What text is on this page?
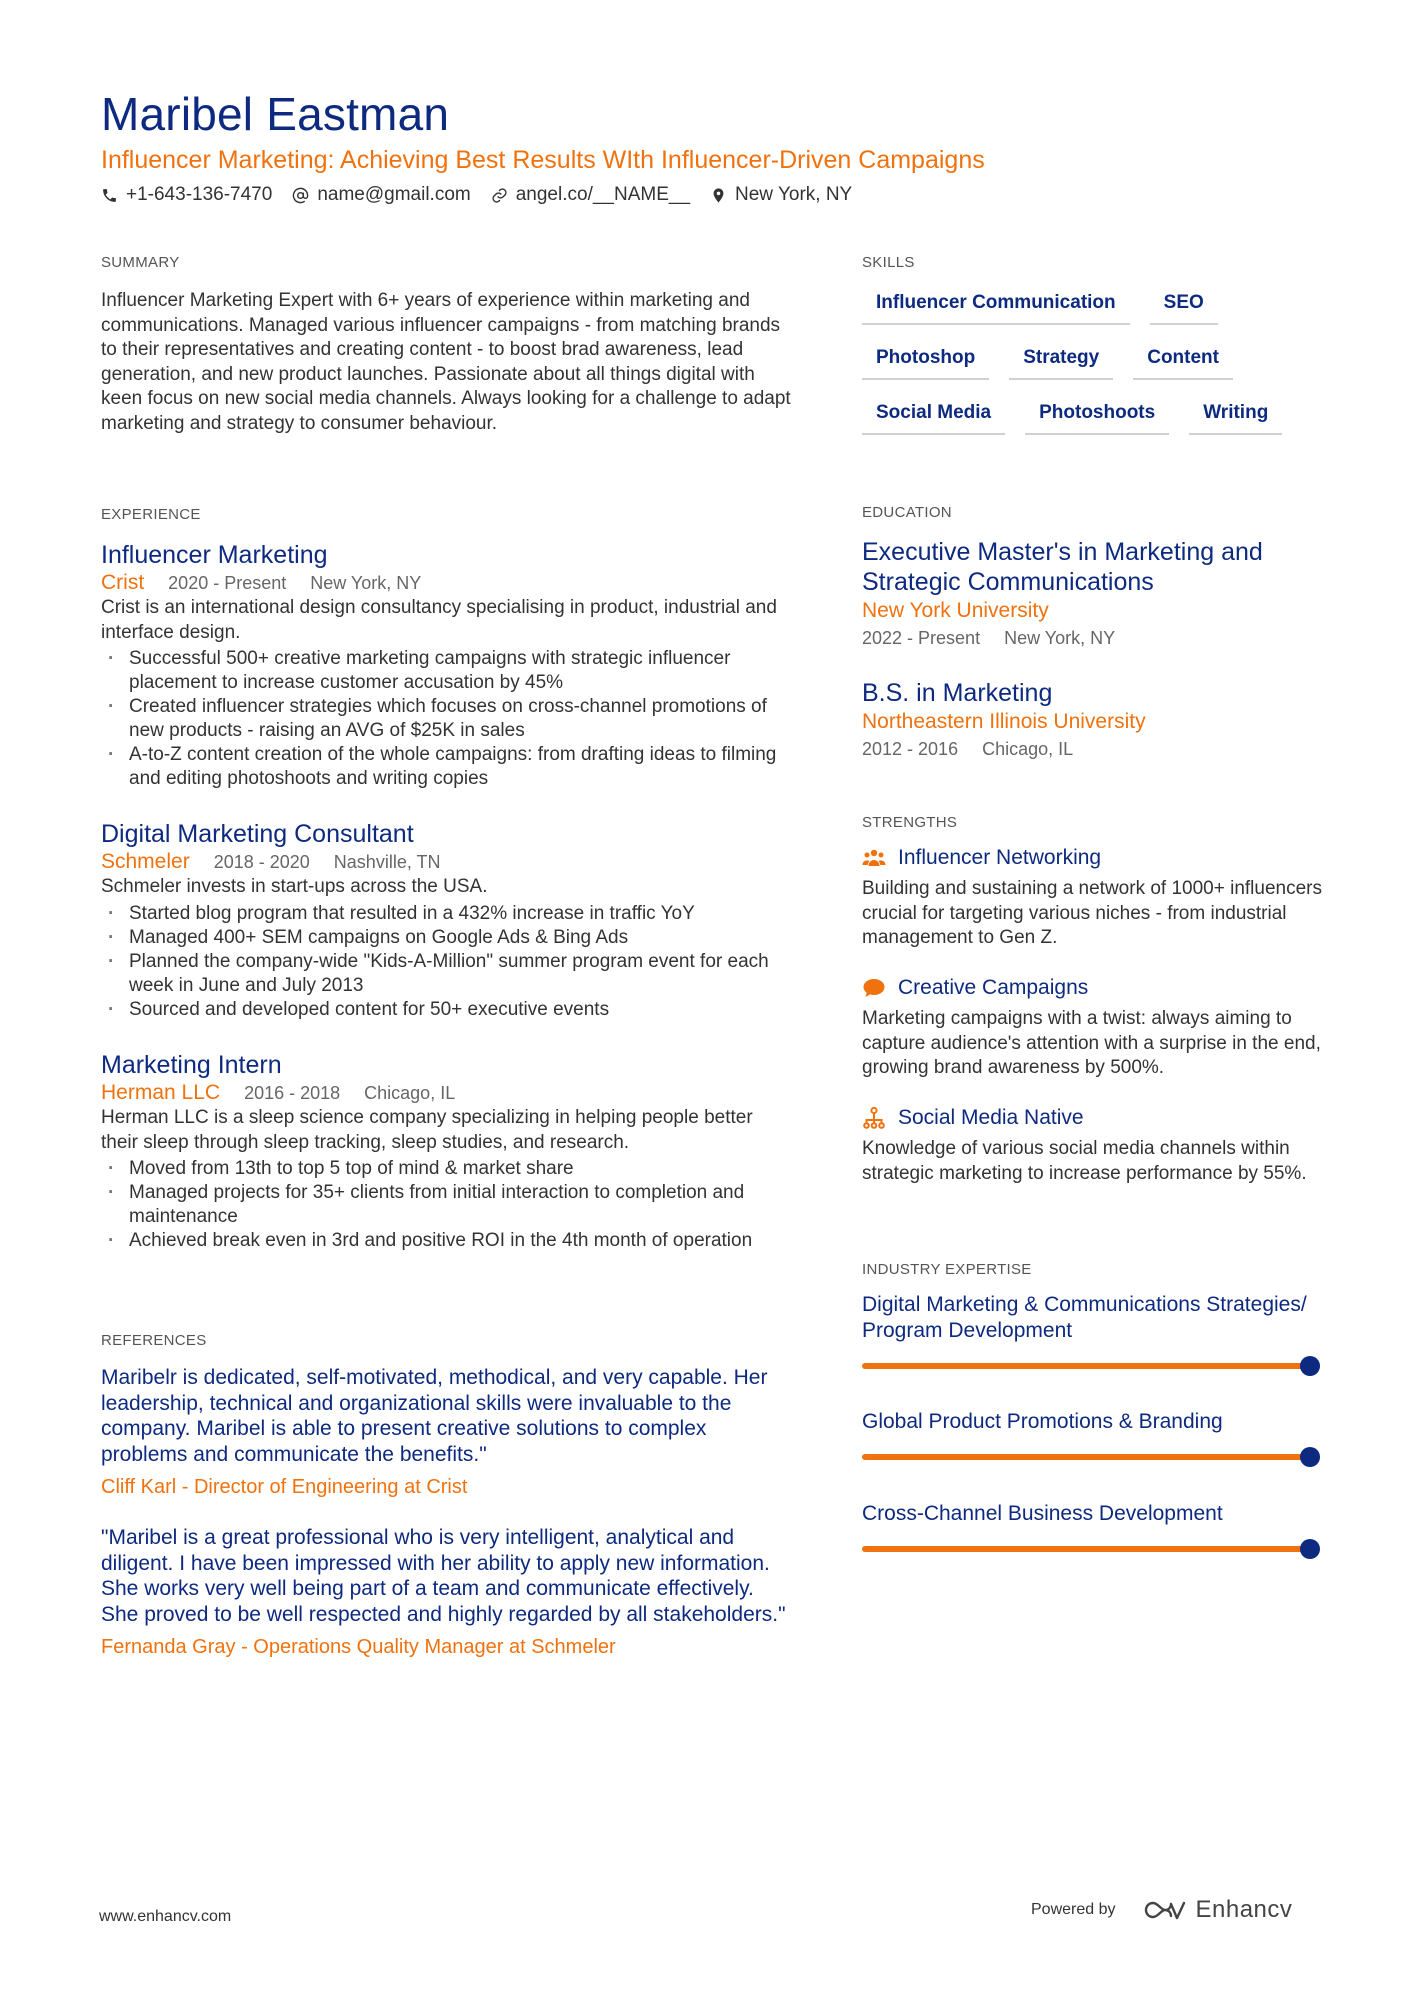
Maribel Eastman
Influencer Marketing: Achieving Best Results WIth Influencer-Driven Campaigns
+1-643-136-7470 name@gmail.com angel.co/__NAME__ New York, NY
SUMMARY

Influencer Marketing Expert with 6+ years of experience within marketing and communications. Managed various influencer campaigns - from matching brands to their representatives and creating content - to boost brad awareness, lead generation, and new product launches. Passionate about all things digital with keen focus on new social media channels. Always looking for a challenge to adapt marketing and strategy to consumer behaviour.

EXPERIENCE

Influencer Marketing

Crist 2020 - Present New York, NY

Crist is an international design consultancy specialising in product, industrial and interface design.

· Successful 500+ creative marketing campaigns with strategic influencer placement to increase customer accusation by 45%
· Created influencer strategies which focuses on cross-channel promotions of new products - raising an AVG of $25K in sales
· A-to-Z content creation of the whole campaigns: from drafting ideas to filming and editing photoshoots and writing copies

Digital Marketing Consultant

Schmeler 2018 - 2020 Nashville, TN

Schmeler invests in start-ups across the USA.

· Started blog program that resulted in a 432% increase in traffic YoY
· Managed 400+ SEM campaigns on Google Ads & Bing Ads
· Planned the company-wide "Kids-A-Million" summer program event for each week in June and July 2013
· Sourced and developed content for 50+ executive events

Marketing Intern

Herman LLC 2016 - 2018 Chicago, IL

Herman LLC is a sleep science company specializing in helping people better their sleep through sleep tracking, sleep studies, and research.

· Moved from 13th to top 5 top of mind & market share
· Managed projects for 35+ clients from initial interaction to completion and maintenance
· Achieved break even in 3rd and positive ROI in the 4th month of operation
REFERENCES

Maribelr is dedicated, self-motivated, methodical, and very capable. Her leadership, technical and organizational skills were invaluable to the company. Maribel is able to present creative solutions to complex problems and communicate the benefits."

Cliff Karl - Director of Engineering at Crist

"Maribel is a great professional who is very intelligent, analytical and diligent. I have been impressed with her ability to apply new information. She works very well being part of a team and communicate effectively. She proved to be well respected and highly regarded by all stakeholders."

Fernanda Gray - Operations Quality Manager at Schmeler
SKILLS
Influencer Communication	SEO
Photoshop	Strategy	Content
Social Media	Photoshoots	Writing
EDUCATION

Executive Master's in Marketing and Strategic Communications

New York University
2022 - Present New York, NY

B.S. in Marketing

Northeastern Illinois University
2012 - 2016 Chicago, IL
STRENGTHS
Influencer Networking

Building and sustaining a network of 1000+ influencers crucial for targeting various niches - from industrial management to Gen Z.

Creative Campaigns

Marketing campaigns with a twist: always aiming to capture audience's attention with a surprise in the end, growing brand awareness by 500%.

Social Media Native

Knowledge of various social media channels within strategic marketing to increase performance by 55%.

INDUSTRY EXPERTISE

Digital Marketing & Communications Strategies/ Program Development

Global Product Promotions & Branding

Cross-Channel Business Development

www.enhancv.com	Powered by	Enhancv
